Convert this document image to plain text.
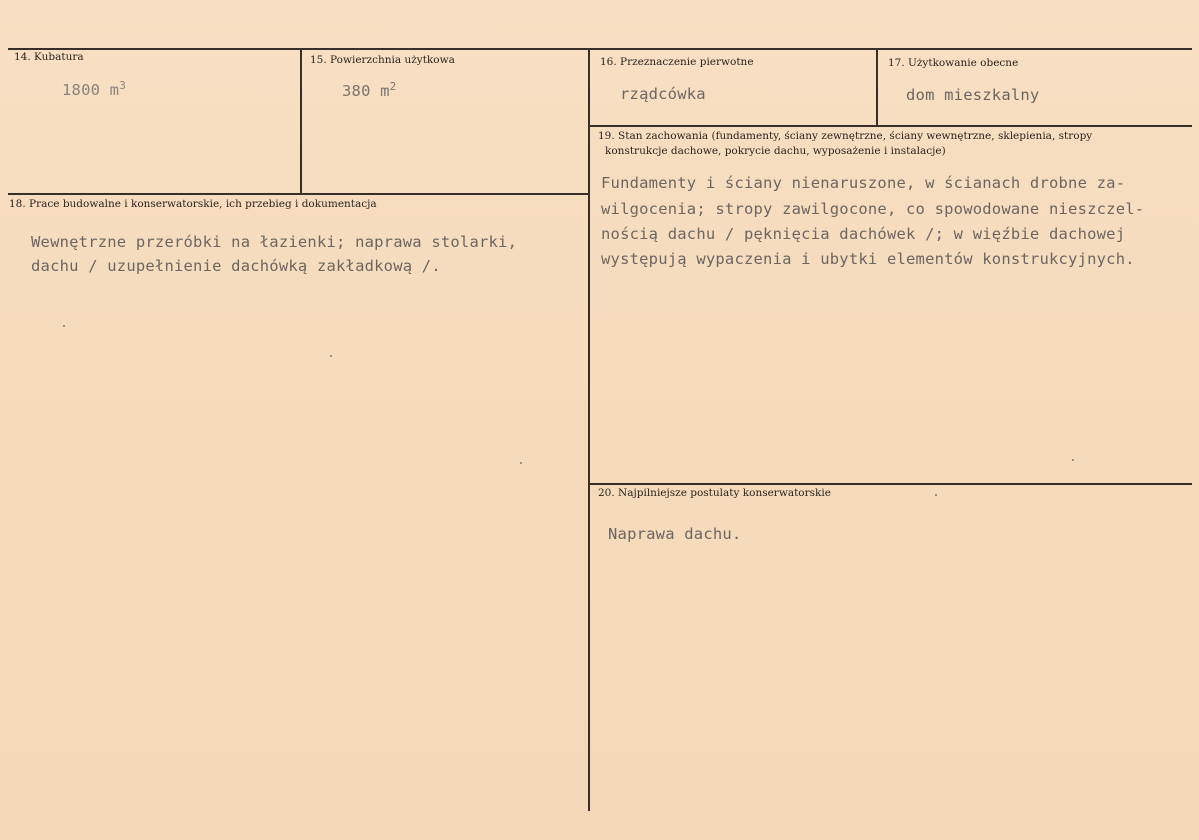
14. Kubatura
1800 $m^3$
15. Powierzchnia użytkowa
380 $m^2$
16. Przeznaczenie pierwotne
rządcówka
17. Użytkowanie obecne
dom mieszkalny
18. Prace budowalne i konserwatorskie, ich przebieg i dokumentacja
Wewnętrzne przeróbki na łazienki; naprawa stolarki,
dachu / uzupełnienie dachówką zakładkową /.
19. Stan zachowania (fundamenty, ściany zewnętrzne, ściany wewnętrzne, sklepienia, stropy
konstrukcje dachowe, pokrycie dachu, wyposażenie i instalacje)
Fundamenty i ściany nienaruszone, w ścianach drobne za-
wilgocenia; stropy zawilgocone, co spowodowane nieszczel-
nością dachu / pęknięcia dachówek /; w więźbie dachowej
występują wypaczenia i ubytki elementów konstrukcyjnych.
20. Najpilniejsze postulaty konserwatorskie
Naprawa dachu.
